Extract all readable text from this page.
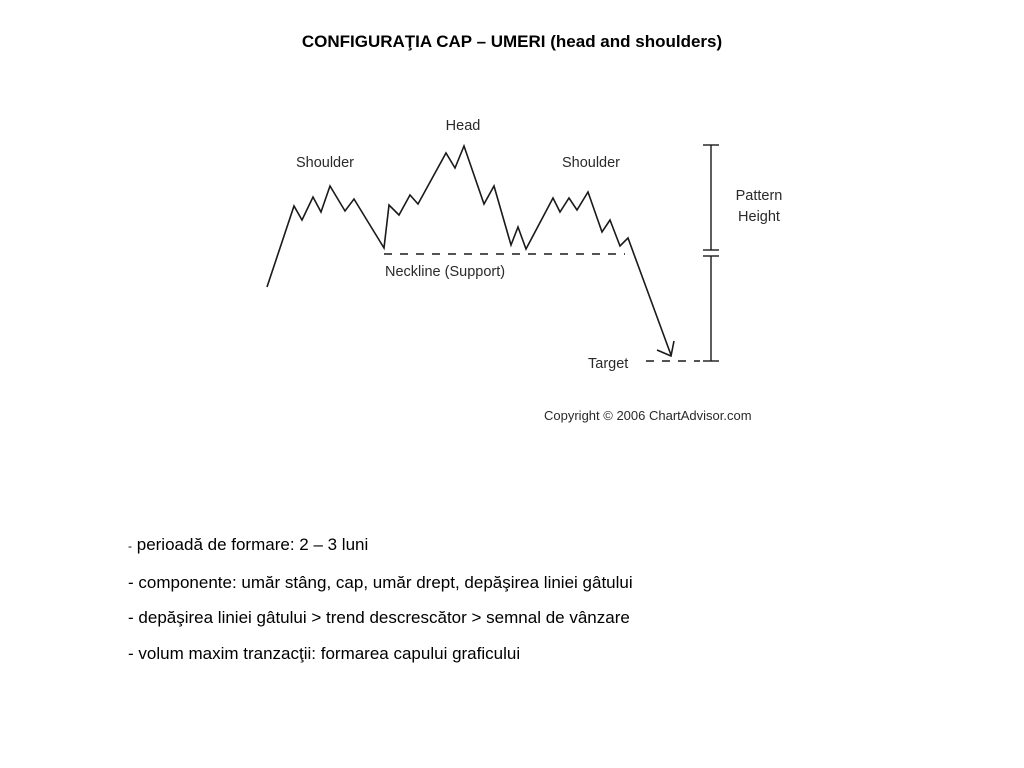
CONFIGURAŢIA CAP – UMERI (head and shoulders)
Shoulder
Head
Shoulder
Neckline (Support)
Target
Pattern
Height
Copyright © 2006 ChartAdvisor.com
- perioadă de formare: 2 – 3 luni
- componente: umăr stâng, cap, umăr drept, depăşirea liniei gâtului
- depăşirea liniei gâtului > trend descrescător > semnal de vânzare
- volum maxim tranzacţii: formarea capului graficului
